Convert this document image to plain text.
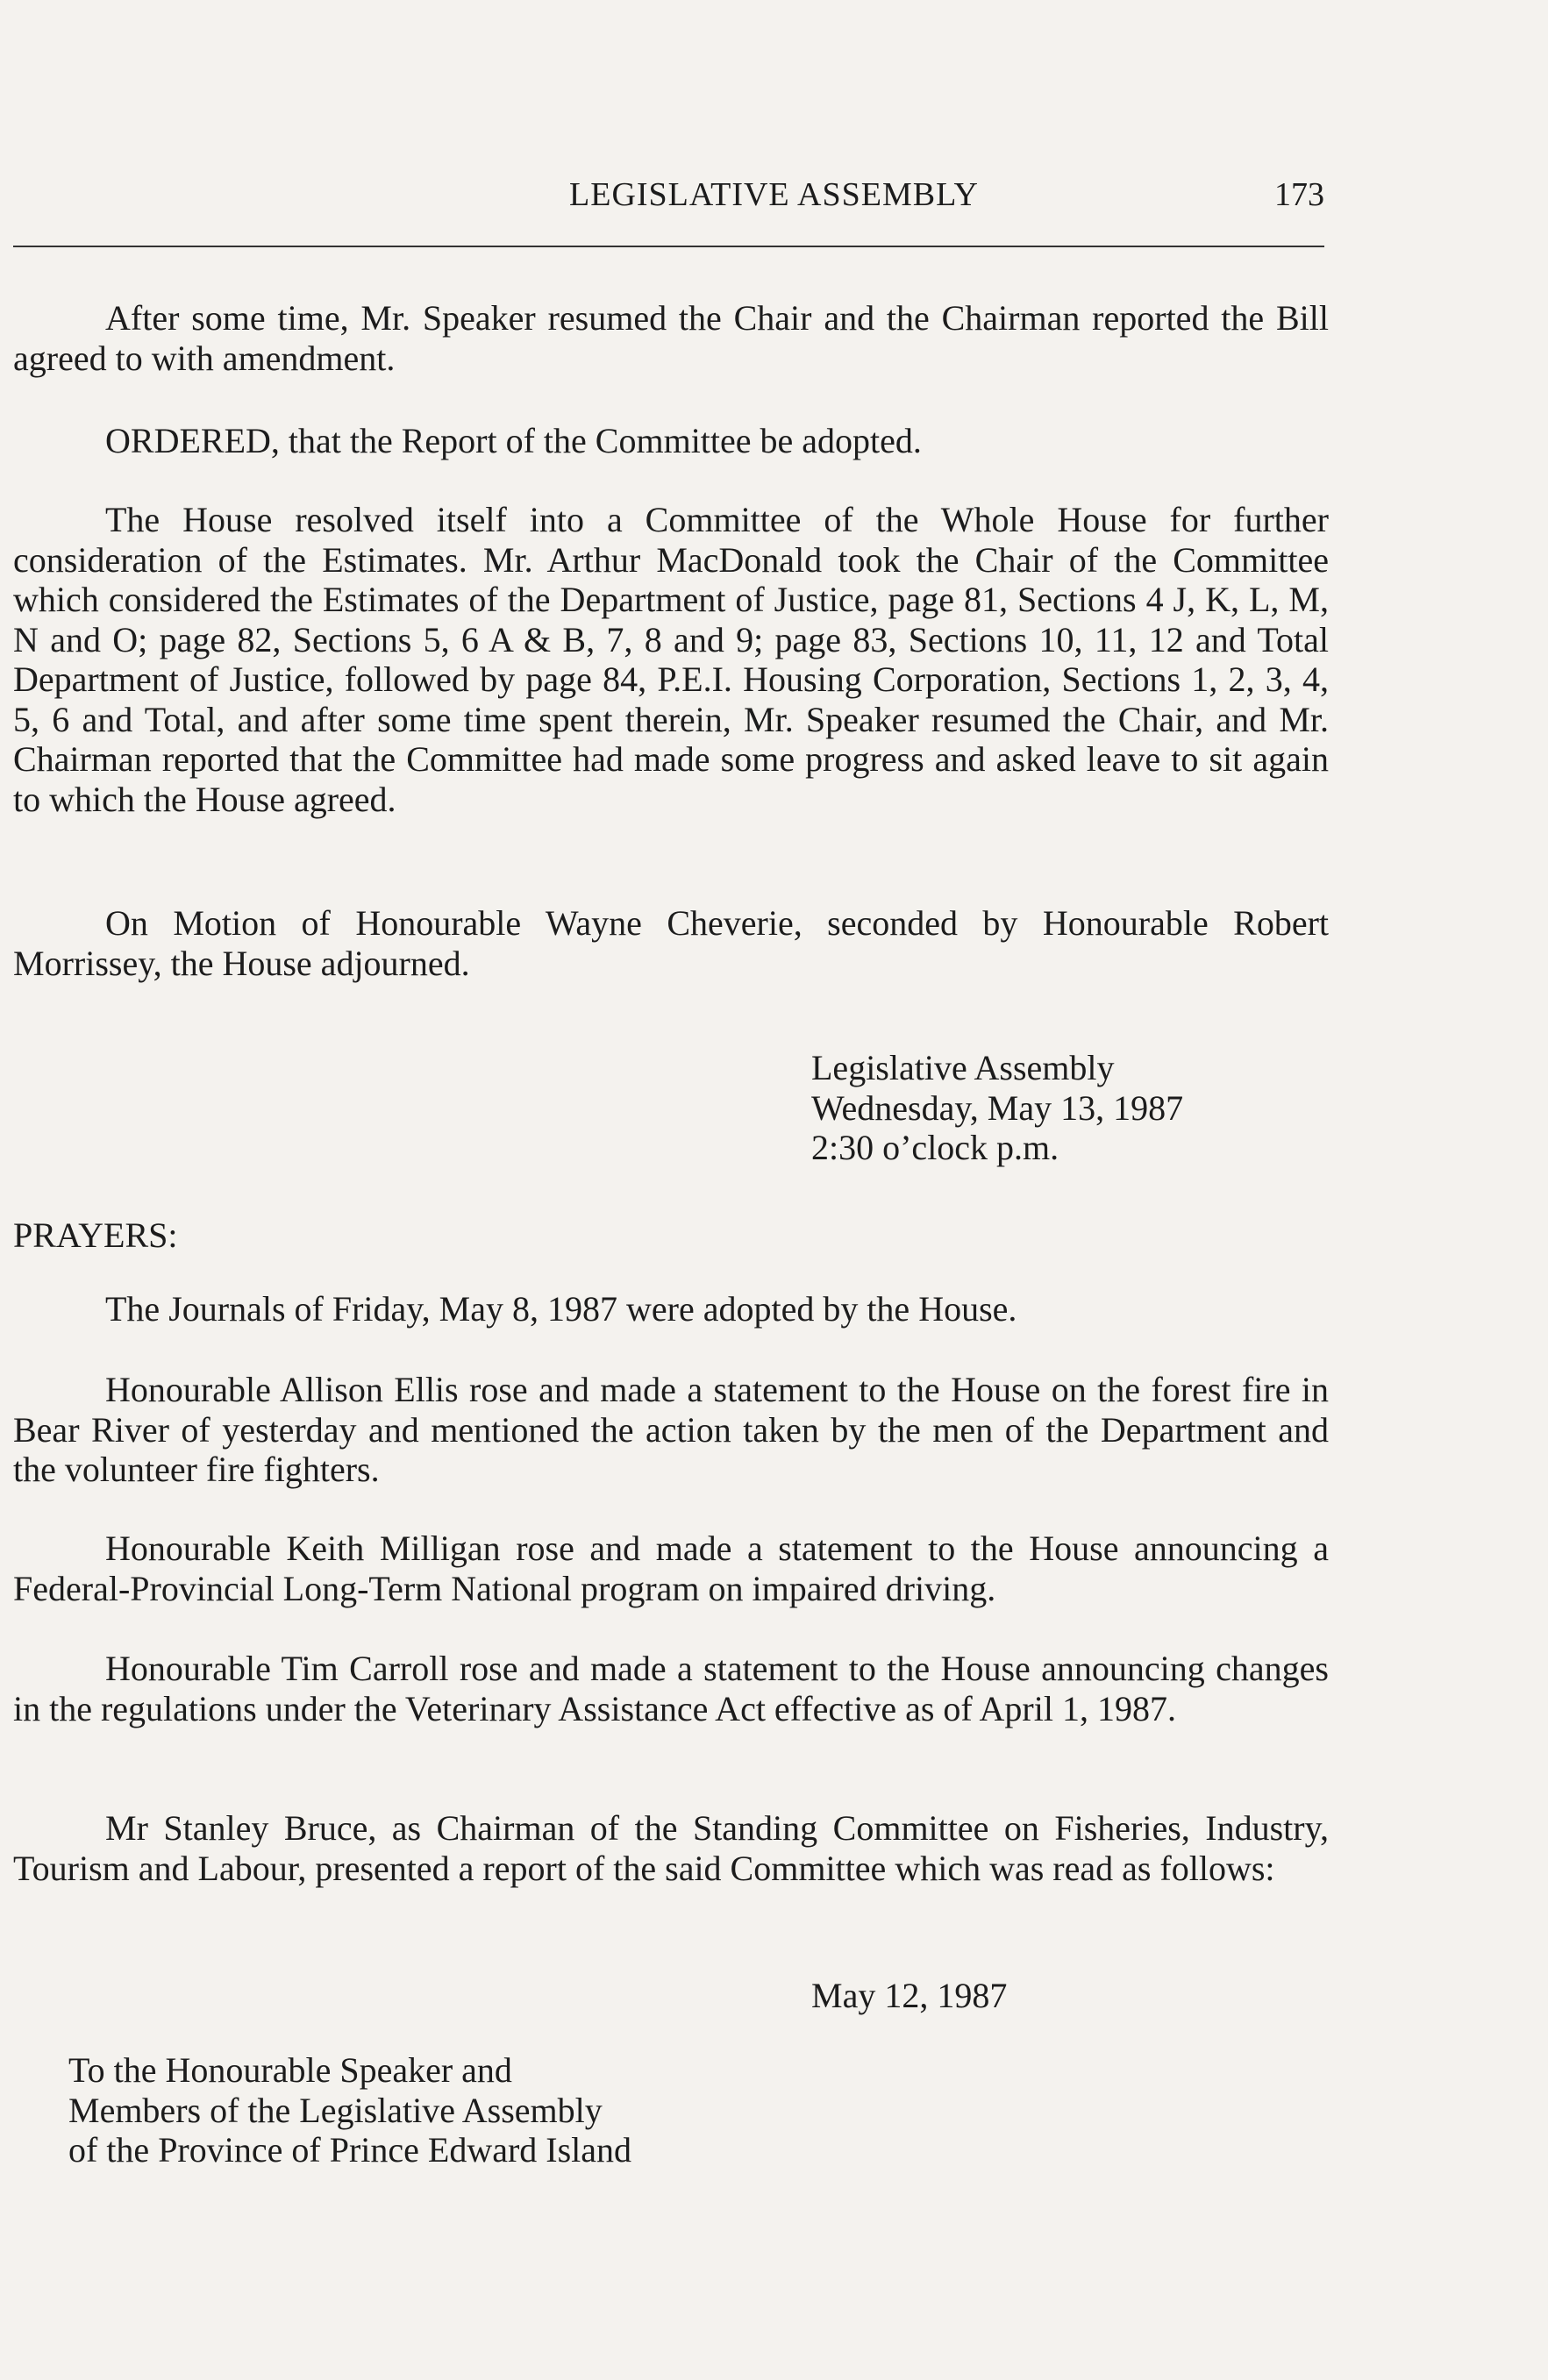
LEGISLATIVE ASSEMBLY	173

After some time, Mr. Speaker resumed the Chair and the Chairman reported the Bill agreed to with amendment.

ORDERED, that the Report of the Committee be adopted.

The House resolved itself into a Committee of the Whole House for further consideration of the Estimates. Mr. Arthur MacDonald took the Chair of the Committee which considered the Estimates of the Department of Justice, page 81, Sections 4 J, K, L, M, N and O; page 82, Sections 5, 6 A & B, 7, 8 and 9; page 83, Sections 10, 11, 12 and Total Department of Justice, followed by page 84, P.E.I. Housing Corporation, Sections 1, 2, 3, 4, 5, 6 and Total, and after some time spent therein, Mr. Speaker resumed the Chair, and Mr. Chairman reported that the Committee had made some progress and asked leave to sit again to which the House agreed.

On Motion of Honourable Wayne Cheverie, seconded by Honourable Robert Morrissey, the House adjourned.

Legislative Assembly
Wednesday, May 13, 1987
2:30 o’clock p.m.
PRAYERS:

The Journals of Friday, May 8, 1987 were adopted by the House.

Honourable Allison Ellis rose and made a statement to the House on the forest fire in Bear River of yesterday and mentioned the action taken by the men of the Department and the volunteer fire fighters.

Honourable Keith Milligan rose and made a statement to the House announcing a Federal-Provincial Long-Term National program on impaired driving.

Honourable Tim Carroll rose and made a statement to the House announcing changes in the regulations under the Veterinary Assistance Act effective as of April 1, 1987.

Mr Stanley Bruce, as Chairman of the Standing Committee on Fisheries, Industry, Tourism and Labour, presented a report of the said Committee which was read as follows:

May 12, 1987
To the Honourable Speaker and
Members of the Legislative Assembly
of the Province of Prince Edward Island
